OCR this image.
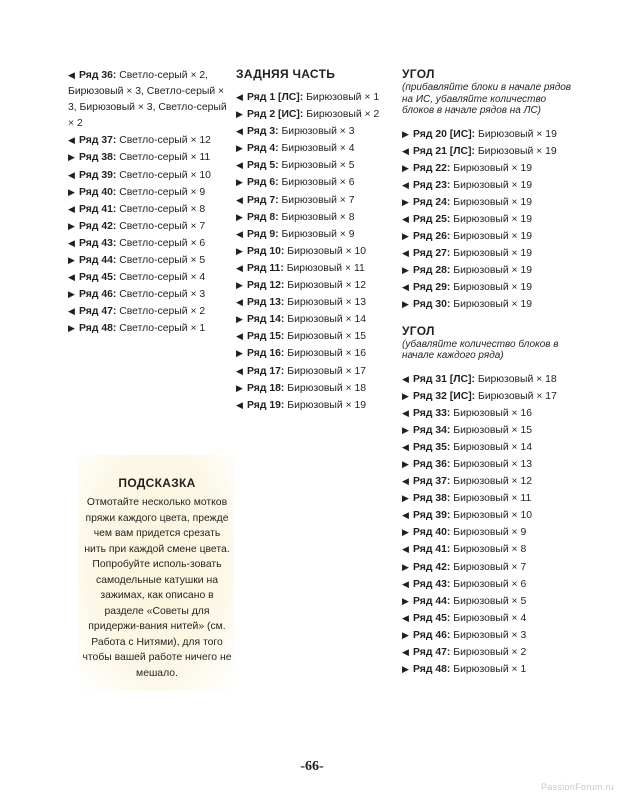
◀ Ряд 36: Светло-серый × 2, Бирюзовый × 3, Светло-серый × 3, Бирюзовый × 3, Светло-серый × 2
◀ Ряд 37: Светло-серый × 12
▶ Ряд 38: Светло-серый × 11
◀ Ряд 39: Светло-серый × 10
▶ Ряд 40: Светло-серый × 9
◀ Ряд 41: Светло-серый × 8
▶ Ряд 42: Светло-серый × 7
◀ Ряд 43: Светло-серый × 6
▶ Ряд 44: Светло-серый × 5
◀ Ряд 45: Светло-серый × 4
▶ Ряд 46: Светло-серый × 3
◀ Ряд 47: Светло-серый × 2
▶ Ряд 48: Светло-серый × 1
ЗАДНЯЯ ЧАСТЬ
◀ Ряд 1 [ЛС]: Бирюзовый × 1
▶ Ряд 2 [ИС]: Бирюзовый × 2
◀ Ряд 3: Бирюзовый × 3
▶ Ряд 4: Бирюзовый × 4
◀ Ряд 5: Бирюзовый × 5
▶ Ряд 6: Бирюзовый × 6
◀ Ряд 7: Бирюзовый × 7
▶ Ряд 8: Бирюзовый × 8
◀ Ряд 9: Бирюзовый × 9
▶ Ряд 10: Бирюзовый × 10
◀ Ряд 11: Бирюзовый × 11
▶ Ряд 12: Бирюзовый × 12
◀ Ряд 13: Бирюзовый × 13
▶ Ряд 14: Бирюзовый × 14
◀ Ряд 15: Бирюзовый × 15
▶ Ряд 16: Бирюзовый × 16
◀ Ряд 17: Бирюзовый × 17
▶ Ряд 18: Бирюзовый × 18
◀ Ряд 19: Бирюзовый × 19
УГОЛ
(прибавляйте блоки в начале рядов на ИС, убавляйте количество блоков в начале рядов на ЛС)
▶ Ряд 20 [ИС]: Бирюзовый × 19
◀ Ряд 21 [ЛС]: Бирюзовый × 19
▶ Ряд 22: Бирюзовый × 19
◀ Ряд 23: Бирюзовый × 19
▶ Ряд 24: Бирюзовый × 19
◀ Ряд 25: Бирюзовый × 19
▶ Ряд 26: Бирюзовый × 19
◀ Ряд 27: Бирюзовый × 19
▶ Ряд 28: Бирюзовый × 19
◀ Ряд 29: Бирюзовый × 19
▶ Ряд 30: Бирюзовый × 19
УГОЛ
(убавляйте количество блоков в начале каждого ряда)
◀ Ряд 31 [ЛС]: Бирюзовый × 18
▶ Ряд 32 [ИС]: Бирюзовый × 17
◀ Ряд 33: Бирюзовый × 16
▶ Ряд 34: Бирюзовый × 15
◀ Ряд 35: Бирюзовый × 14
▶ Ряд 36: Бирюзовый × 13
◀ Ряд 37: Бирюзовый × 12
▶ Ряд 38: Бирюзовый × 11
◀ Ряд 39: Бирюзовый × 10
▶ Ряд 40: Бирюзовый × 9
◀ Ряд 41: Бирюзовый × 8
▶ Ряд 42: Бирюзовый × 7
◀ Ряд 43: Бирюзовый × 6
▶ Ряд 44: Бирюзовый × 5
◀ Ряд 45: Бирюзовый × 4
▶ Ряд 46: Бирюзовый × 3
◀ Ряд 47: Бирюзовый × 2
▶ Ряд 48: Бирюзовый × 1
ПОДСКАЗКА
Отмотайте несколько мотков пряжи каждого цвета, прежде чем вам придется срезать нить при каждой смене цвета. Попробуйте исполь-зовать самодельные катушки на зажимах, как описано в разделе «Советы для придержи-вания нитей» (см. Работа с Нитями), для того чтобы вашей работе ничего не мешало.
-66-
PassionForum.ru
